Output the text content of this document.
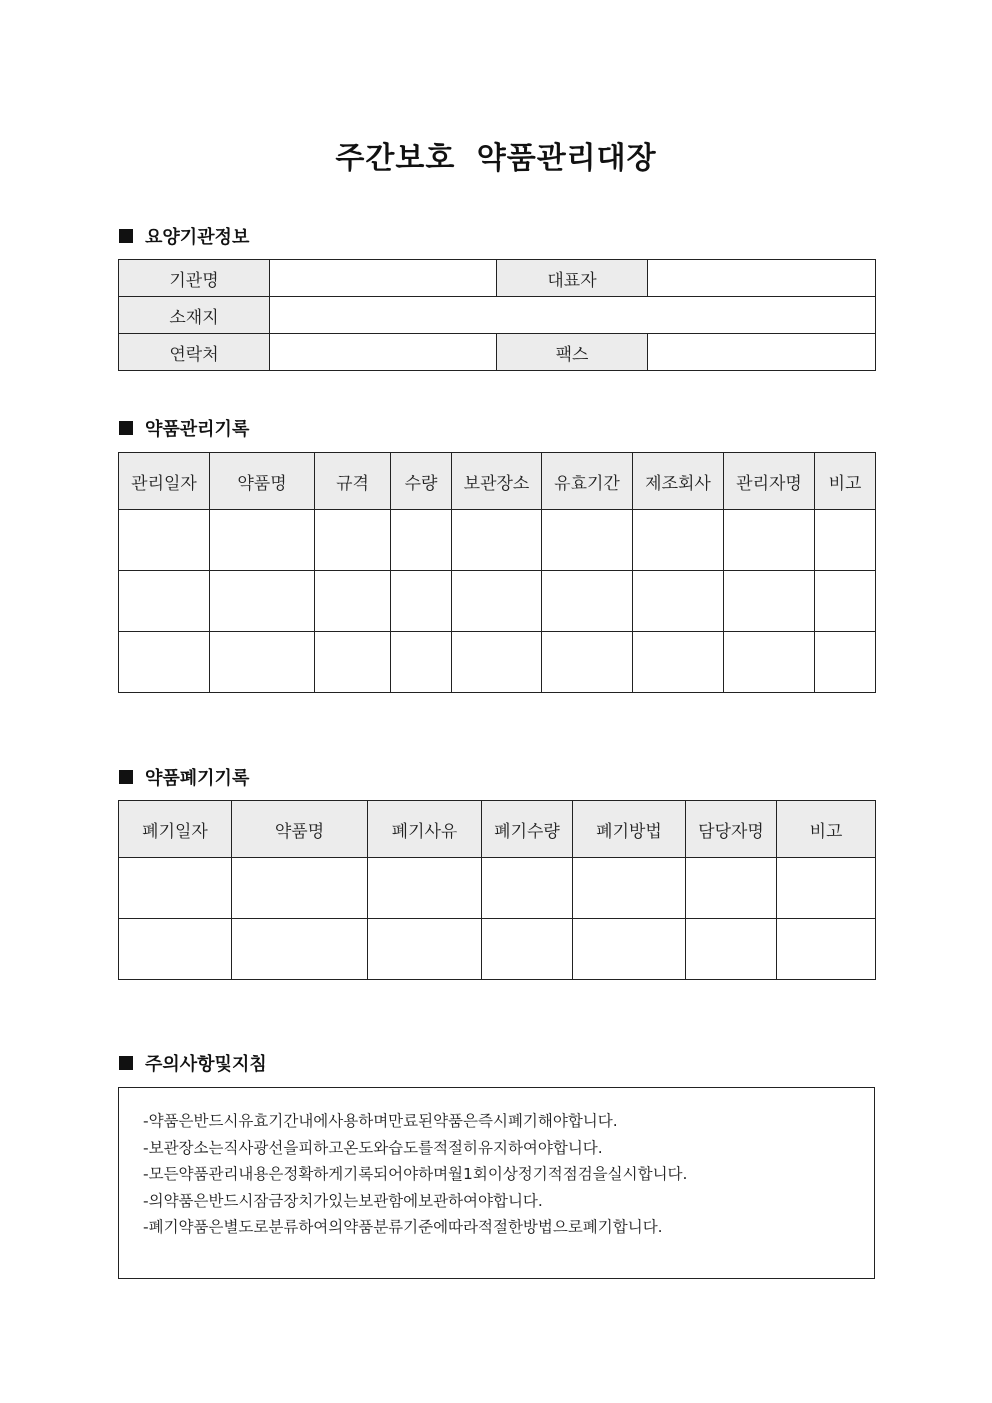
주간보호 약품관리대장
요양기관정보
기관명		대표자	
소재지			
연락처		팩스	
약품관리기록
관리일자	약품명	규격	수량	보관장소	유효기간	제조회사	관리자명	비고

약품폐기기록
폐기일자	약품명	폐기사유	폐기수량	폐기방법	담당자명	비고

주의사항및지침
-약품은반드시유효기간내에사용하며만료된약품은즉시폐기해야합니다.
-보관장소는직사광선을피하고온도와습도를적절히유지하여야합니다.
-모든약품관리내용은정확하게기록되어야하며월1회이상정기적점검을실시합니다.
-의약품은반드시잠금장치가있는보관함에보관하여야합니다.
-폐기약품은별도로분류하여의약품분류기준에따라적절한방법으로폐기합니다.
